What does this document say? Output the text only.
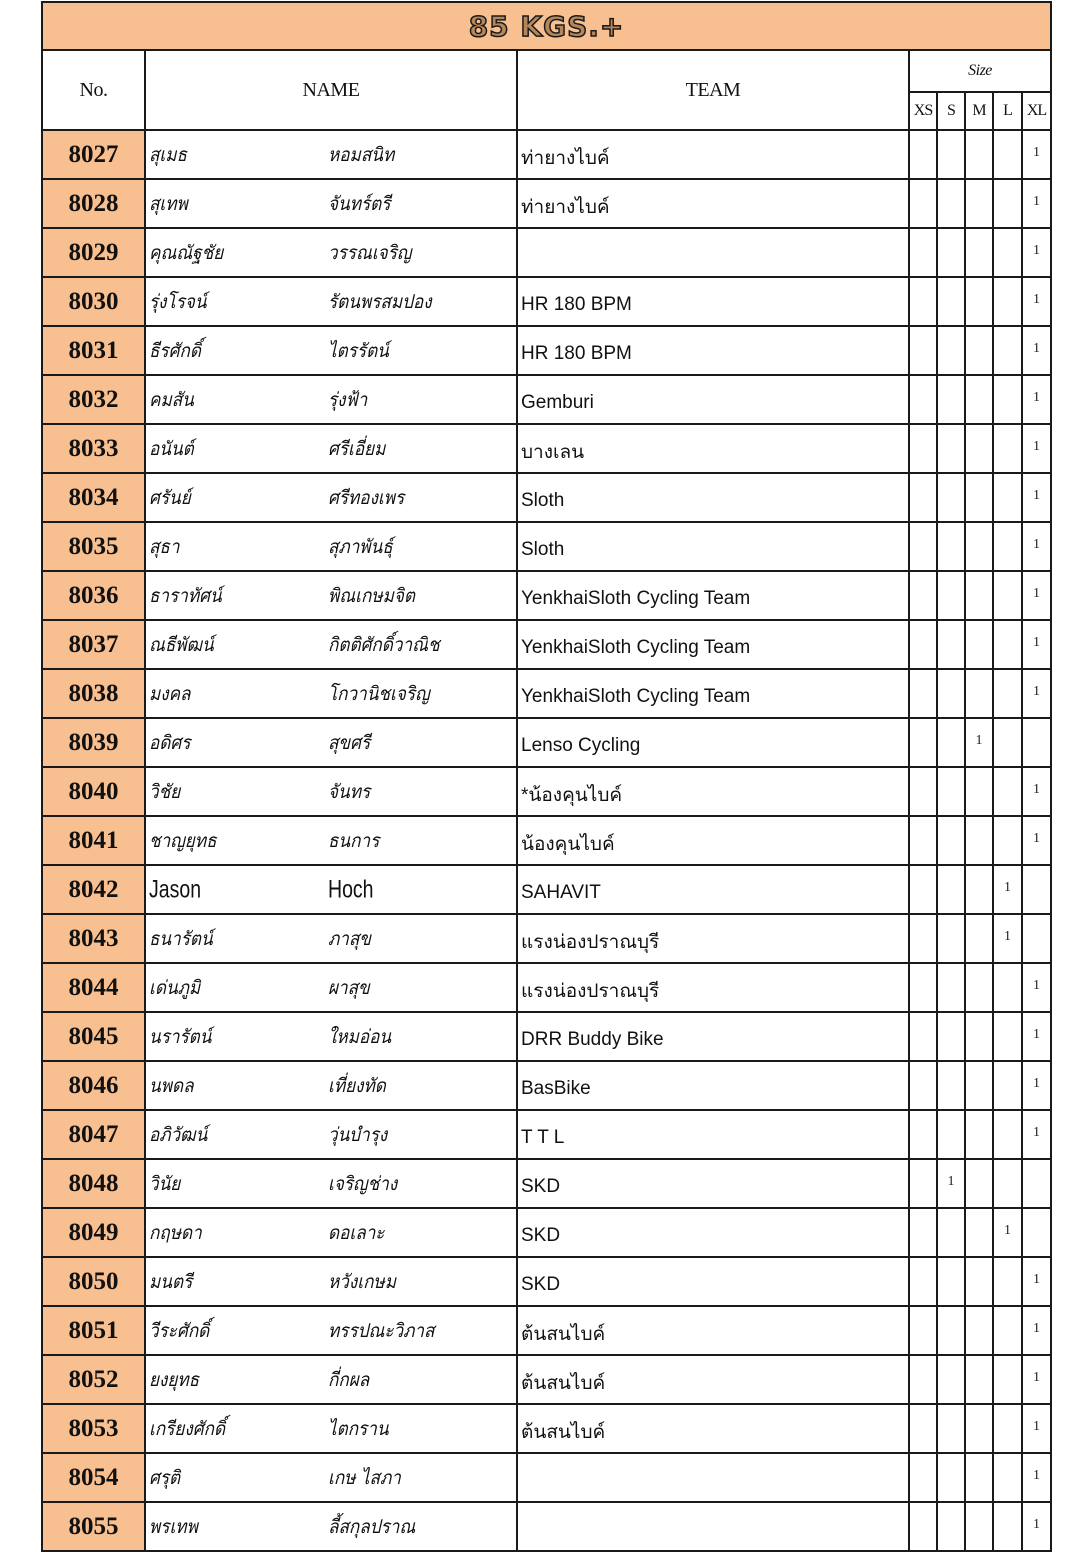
85 KGS.+							
No.	NAME	TEAM	Size				
			XS	S	M	L	XL
8027	สุเมธ หอมสนิท	ท่ายางไบค์					1
8028	สุเทพ จันทร์ตรี	ท่ายางไบค์					1
8029	คุณณัฐชัย วรรณเจริญ						1
8030	รุ่งโรจน์ รัตนพรสมปอง	HR 180 BPM					1
8031	ธีรศักดิ์ ไตรรัตน์	HR 180 BPM					1
8032	คมสัน รุ่งฟ้า	Gemburi					1
8033	อนันต์ ศรีเอี่ยม	บางเลน					1
8034	ศรันย์ ศรีทองเพร	Sloth					1
8035	สุธา สุภาพันธุ์	Sloth					1
8036	ธาราทัศน์ พิณเกษมจิต	YenkhaiSloth Cycling Team					1
8037	ณธีพัฒน์ กิตติศักดิ์วาณิช	YenkhaiSloth Cycling Team					1
8038	มงคล โกวานิชเจริญ	YenkhaiSloth Cycling Team					1
8039	อดิศร สุขศรี	Lenso Cycling			1		
8040	วิชัย จันทร	*น้องคุนไบค์					1
8041	ชาญยุทธ ธนการ	น้องคุนไบค์					1
8042	Jason Hoch	SAHAVIT				1	
8043	ธนารัตน์ ภาสุข	แรงน่องปราณบุรี				1	
8044	เด่นภูมิ ผาสุข	แรงน่องปราณบุรี					1
8045	นรารัตน์ ใหมอ่อน	DRR Buddy Bike					1
8046	นพดล เที่ยงทัด	BasBike					1
8047	อภิวัฒน์ วุ่นบำรุง	T T L					1
8048	วินัย เจริญช่าง	SKD		1			
8049	กฤษดา ดอเลาะ	SKD				1	
8050	มนตรี หวังเกษม	SKD					1
8051	วีระศักดิ์ ทรรปณะวิภาส	ต้นสนไบค์					1
8052	ยงยุทธ กี่กผล	ต้นสนไบค์					1
8053	เกรียงศักดิ์ ไตกราน	ต้นสนไบค์					1
8054	ศรุติ เกษ ไสภา						1
8055	พรเทพ ลี้สกุลปราณ						1
